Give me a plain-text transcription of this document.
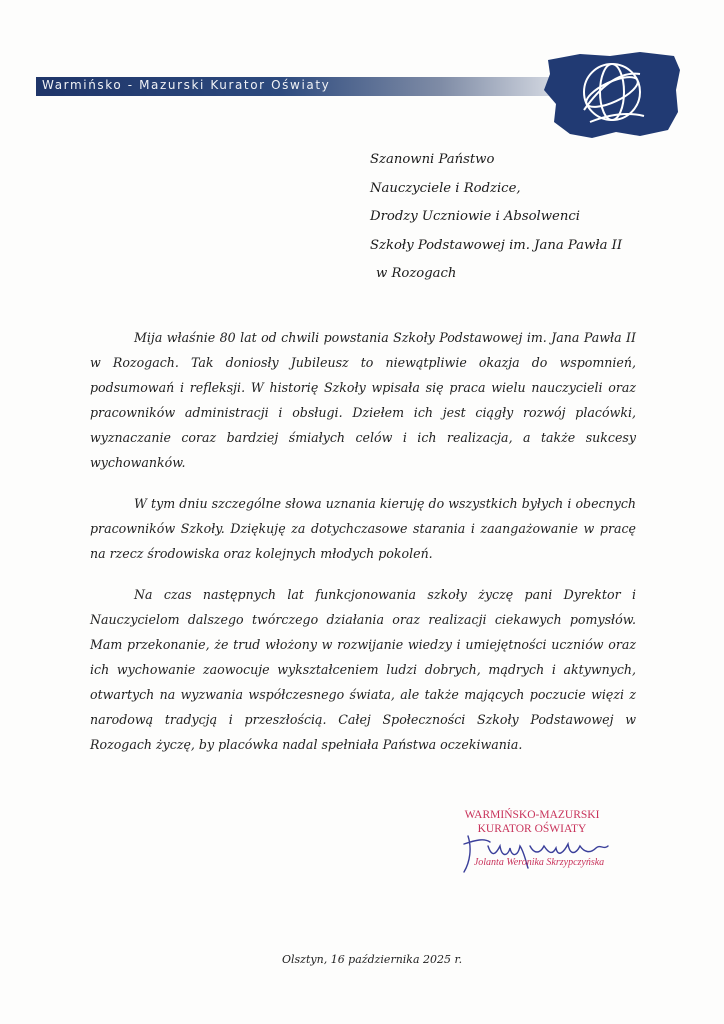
Warmińsko - Mazurski Kurator Oświaty
Szanowni Państwo
Nauczyciele i Rodzice,
Drodzy Uczniowie i Absolwenci
Szkoły Podstawowej im. Jana Pawła II
w Rozogach

Mija właśnie 80 lat od chwili powstania Szkoły Podstawowej im. Jana Pawła II w Rozogach. Tak doniosły Jubileusz to niewątpliwie okazja do wspomnień, podsumowań i refleksji. W historię Szkoły wpisała się praca wielu nauczycieli oraz pracowników administracji i obsługi. Dziełem ich jest ciągły rozwój placówki, wyznaczanie coraz bardziej śmiałych celów i ich realizacja, a także sukcesy wychowanków.

W tym dniu szczególne słowa uznania kieruję do wszystkich byłych i obecnych pracowników Szkoły. Dziękuję za dotychczasowe starania i zaangażowanie w pracę na rzecz środowiska oraz kolejnych młodych pokoleń.

Na czas następnych lat funkcjonowania szkoły życzę pani Dyrektor i Nauczycielom dalszego twórczego działania oraz realizacji ciekawych pomysłów. Mam przekonanie, że trud włożony w rozwijanie wiedzy i umiejętności uczniów oraz ich wychowanie zaowocuje wykształceniem ludzi dobrych, mądrych i aktywnych, otwartych na wyzwania współczesnego świata, ale także mających poczucie więzi z narodową tradycją i przeszłością. Całej Społeczności Szkoły Podstawowej w Rozogach życzę, by placówka nadal spełniała Państwa oczekiwania.

WARMIŃSKO-MAZURSKI
KURATOR OŚWIATY
Jolanta Weronika Skrzypczyńska
Olsztyn, 16 października 2025 r.
